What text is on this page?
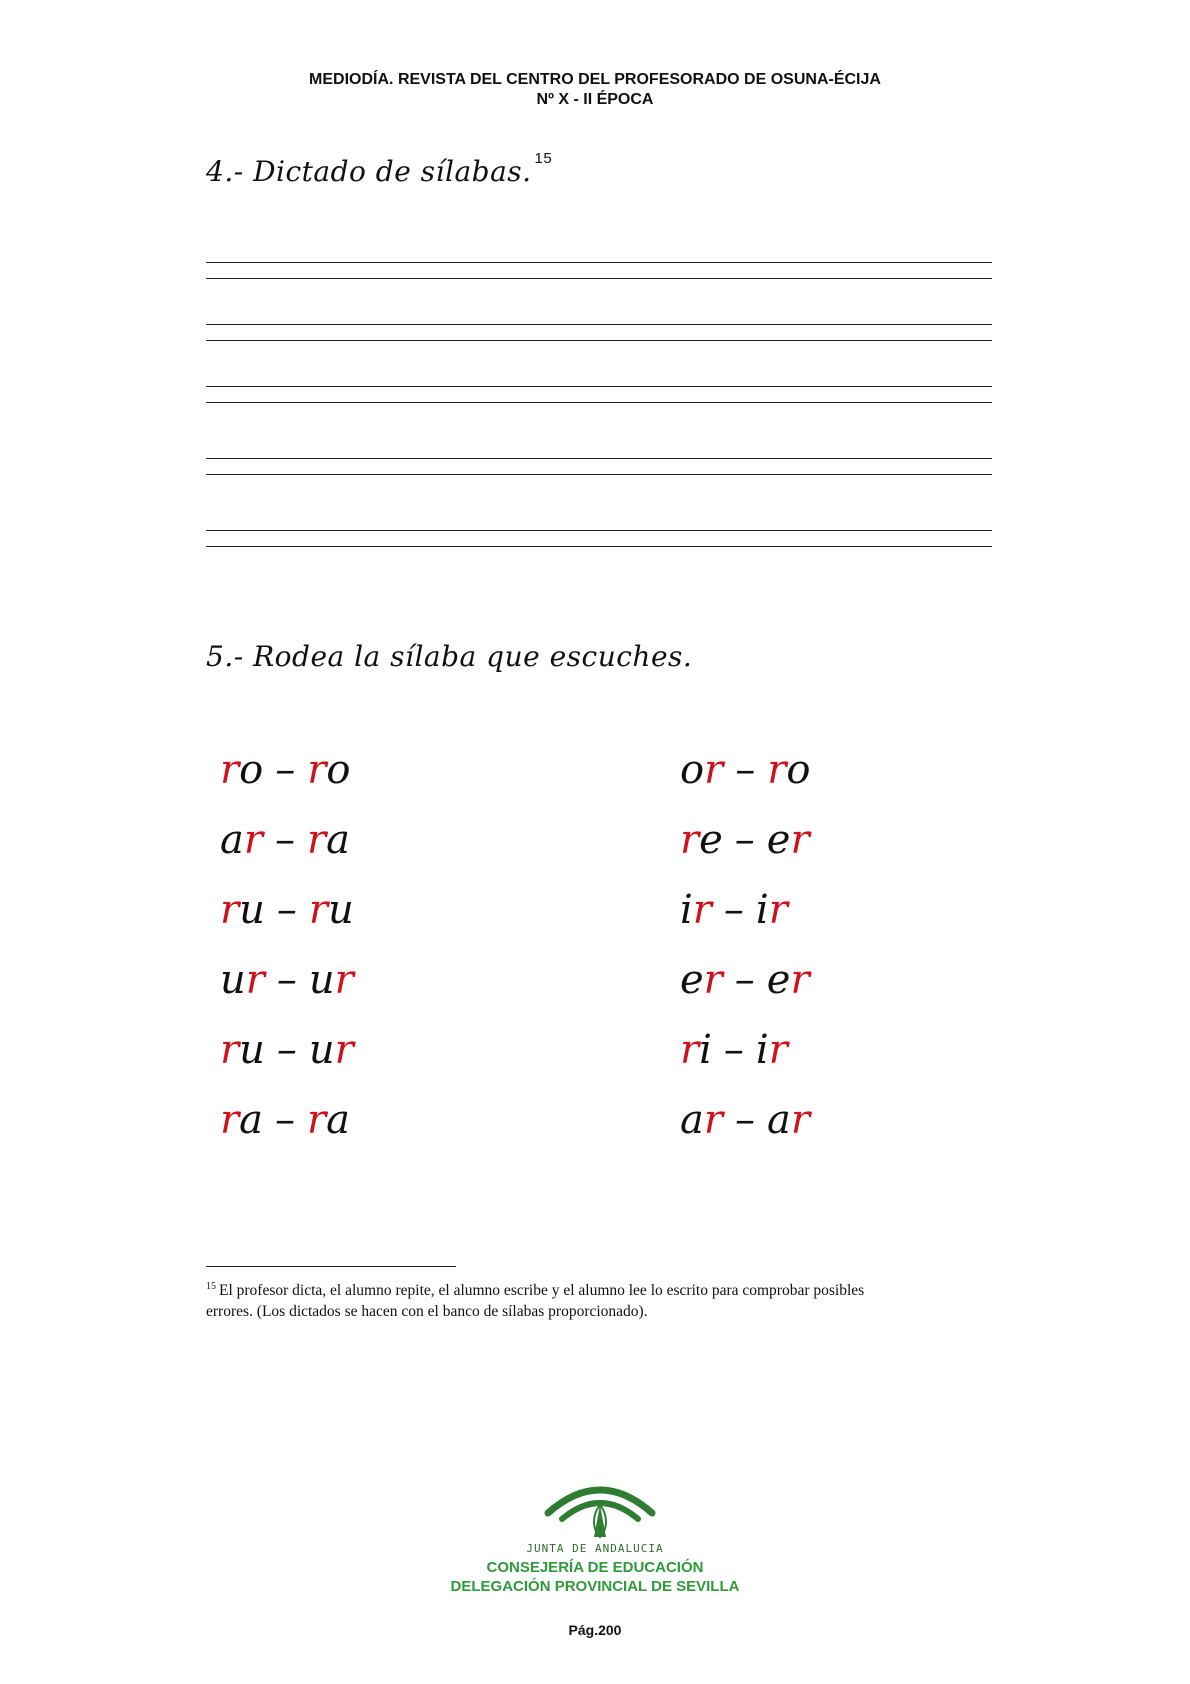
MEDIODÍA. REVISTA DEL CENTRO DEL PROFESORADO DE OSUNA-ÉCIJA
Nº X - II ÉPOCA
4.- Dictado de sílabas. $^{15}$
5.- Rodea la sílaba que escuches.
ro – ro
ar – ra
ru – ru
ur – ur
ru – ur
ra – ra
or – ro
re – er
ir – ir
er – er
ri – ir
ar – ar
$^{15}$ El profesor dicta, el alumno repite, el alumno escribe y el alumno lee lo escrito para comprobar posibles errores. (Los dictados se hacen con el banco de sílabas proporcionado).
JUNTA DE ANDALUCIA
CONSEJERÍA DE EDUCACIÓN
DELEGACIÓN PROVINCIAL DE SEVILLA
Pág.200
